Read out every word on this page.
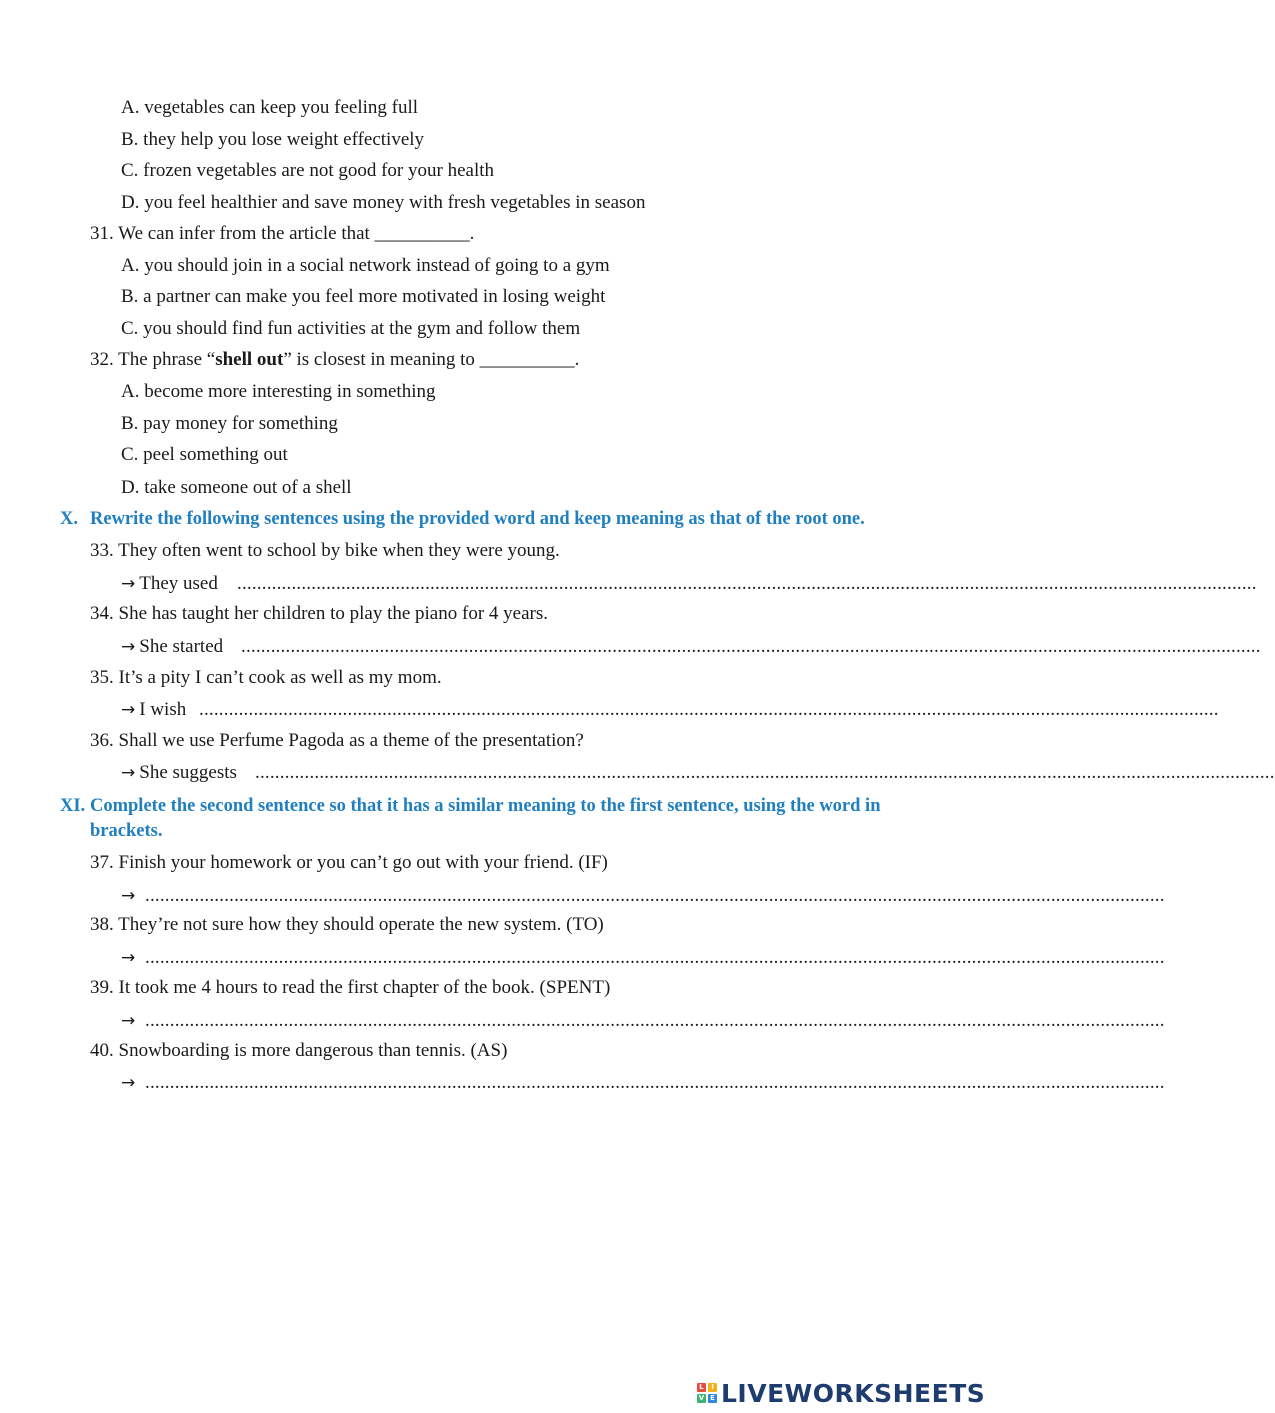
A. vegetables can keep you feeling full
B. they help you lose weight effectively
C. frozen vegetables are not good for your health
D. you feel healthier and save money with fresh vegetables in season
31. We can infer from the article that __________.
A. you should join in a social network instead of going to a gym
B. a partner can make you feel more motivated in losing weight
C. you should find fun activities at the gym and follow them
32. The phrase “shell out” is closest in meaning to __________.
A. become more interesting in something
B. pay money for something
C. peel something out
D. take someone out of a shell
X. Rewrite the following sentences using the provided word and keep meaning as that of the root one.
33. They often went to school by bike when they were young.
→ They used ..............................................................................................................................................................................................................
34. She has taught her children to play the piano for 4 years.
→ She started ..............................................................................................................................................................................................................
35. It’s a pity I can’t cook as well as my mom.
→ I wish ..............................................................................................................................................................................................................
36. Shall we use Perfume Pagoda as a theme of the presentation?
→ She suggests ..............................................................................................................................................................................................................
XI. Complete the second sentence so that it has a similar meaning to the first sentence, using the word in brackets.
37. Finish your homework or you can’t go out with your friend. (IF)
→ ..............................................................................................................................................................................................................
38. They’re not sure how they should operate the new system. (TO)
→ ..............................................................................................................................................................................................................
39. It took me 4 hours to read the first chapter of the book. (SPENT)
→ ..............................................................................................................................................................................................................
40. Snowboarding is more dangerous than tennis. (AS)
→ ..............................................................................................................................................................................................................
L	I
V E LIVEWORKSHEETS
